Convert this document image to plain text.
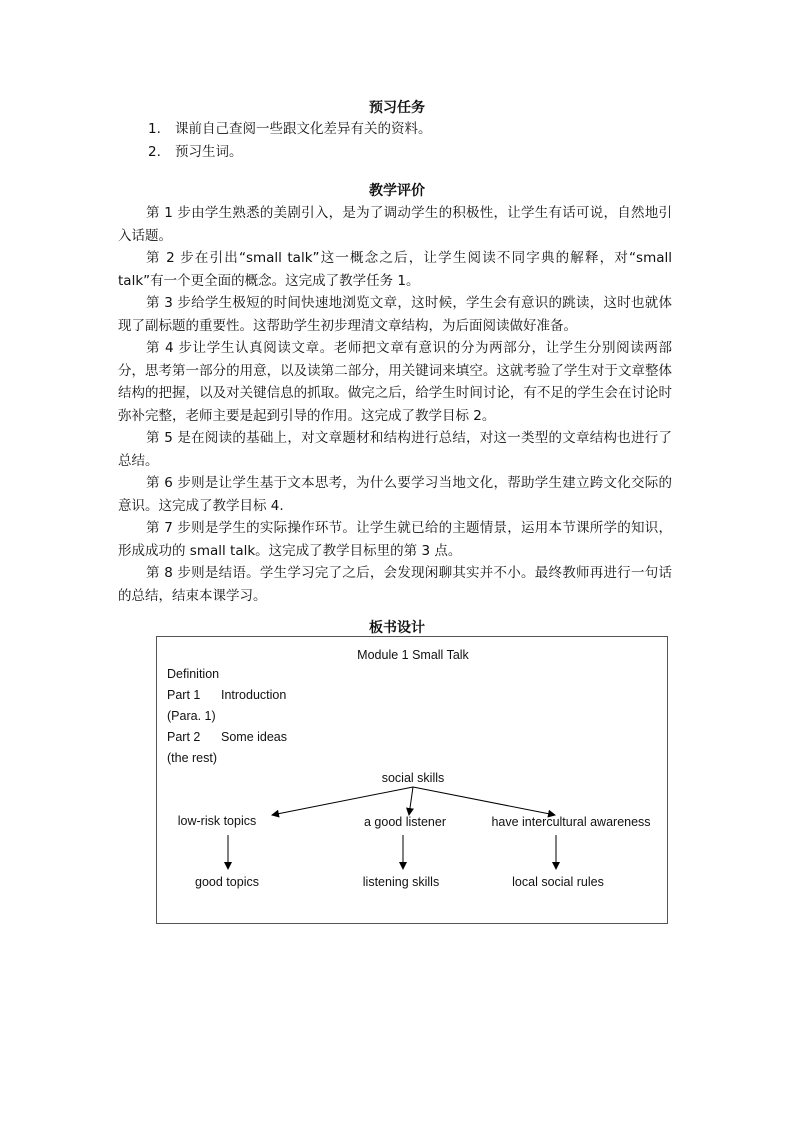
预习任务
1.	课前自己查阅一些跟文化差异有关的资料。
2.	预习生词。
教学评价

第 1 步由学生熟悉的美剧引入，是为了调动学生的积极性，让学生有话可说，自然地引入话题。

第 2 步在引出“small talk”这一概念之后，让学生阅读不同字典的解释，对“small talk”有一个更全面的概念。这完成了教学任务 1。

第 3 步给学生极短的时间快速地浏览文章，这时候，学生会有意识的跳读，这时也就体现了副标题的重要性。这帮助学生初步理清文章结构，为后面阅读做好准备。

第 4 步让学生认真阅读文章。老师把文章有意识的分为两部分，让学生分别阅读两部分，思考第一部分的用意，以及读第二部分，用关键词来填空。这就考验了学生对于文章整体结构的把握，以及对关键信息的抓取。做完之后，给学生时间讨论，有不足的学生会在讨论时弥补完整，老师主要是起到引导的作用。这完成了教学目标 2。

第 5 是在阅读的基础上，对文章题材和结构进行总结，对这一类型的文章结构也进行了总结。

第 6 步则是让学生基于文本思考，为什么要学习当地文化，帮助学生建立跨文化交际的意识。这完成了教学目标 4.

第 7 步则是学生的实际操作环节。让学生就已给的主题情景，运用本节课所学的知识，形成成功的 small talk。这完成了教学目标里的第 3 点。

第 8 步则是结语。学生学习完了之后，会发现闲聊其实并不小。最终教师再进行一句话的总结，结束本课学习。

板书设计
Module 1 Small Talk
Definition
Part 1 Introduction
(Para. 1)
Part 2 Some ideas
(the rest)
social skills
low-risk topics	a good listener	have intercultural awareness
good topics	listening skills	local social rules
